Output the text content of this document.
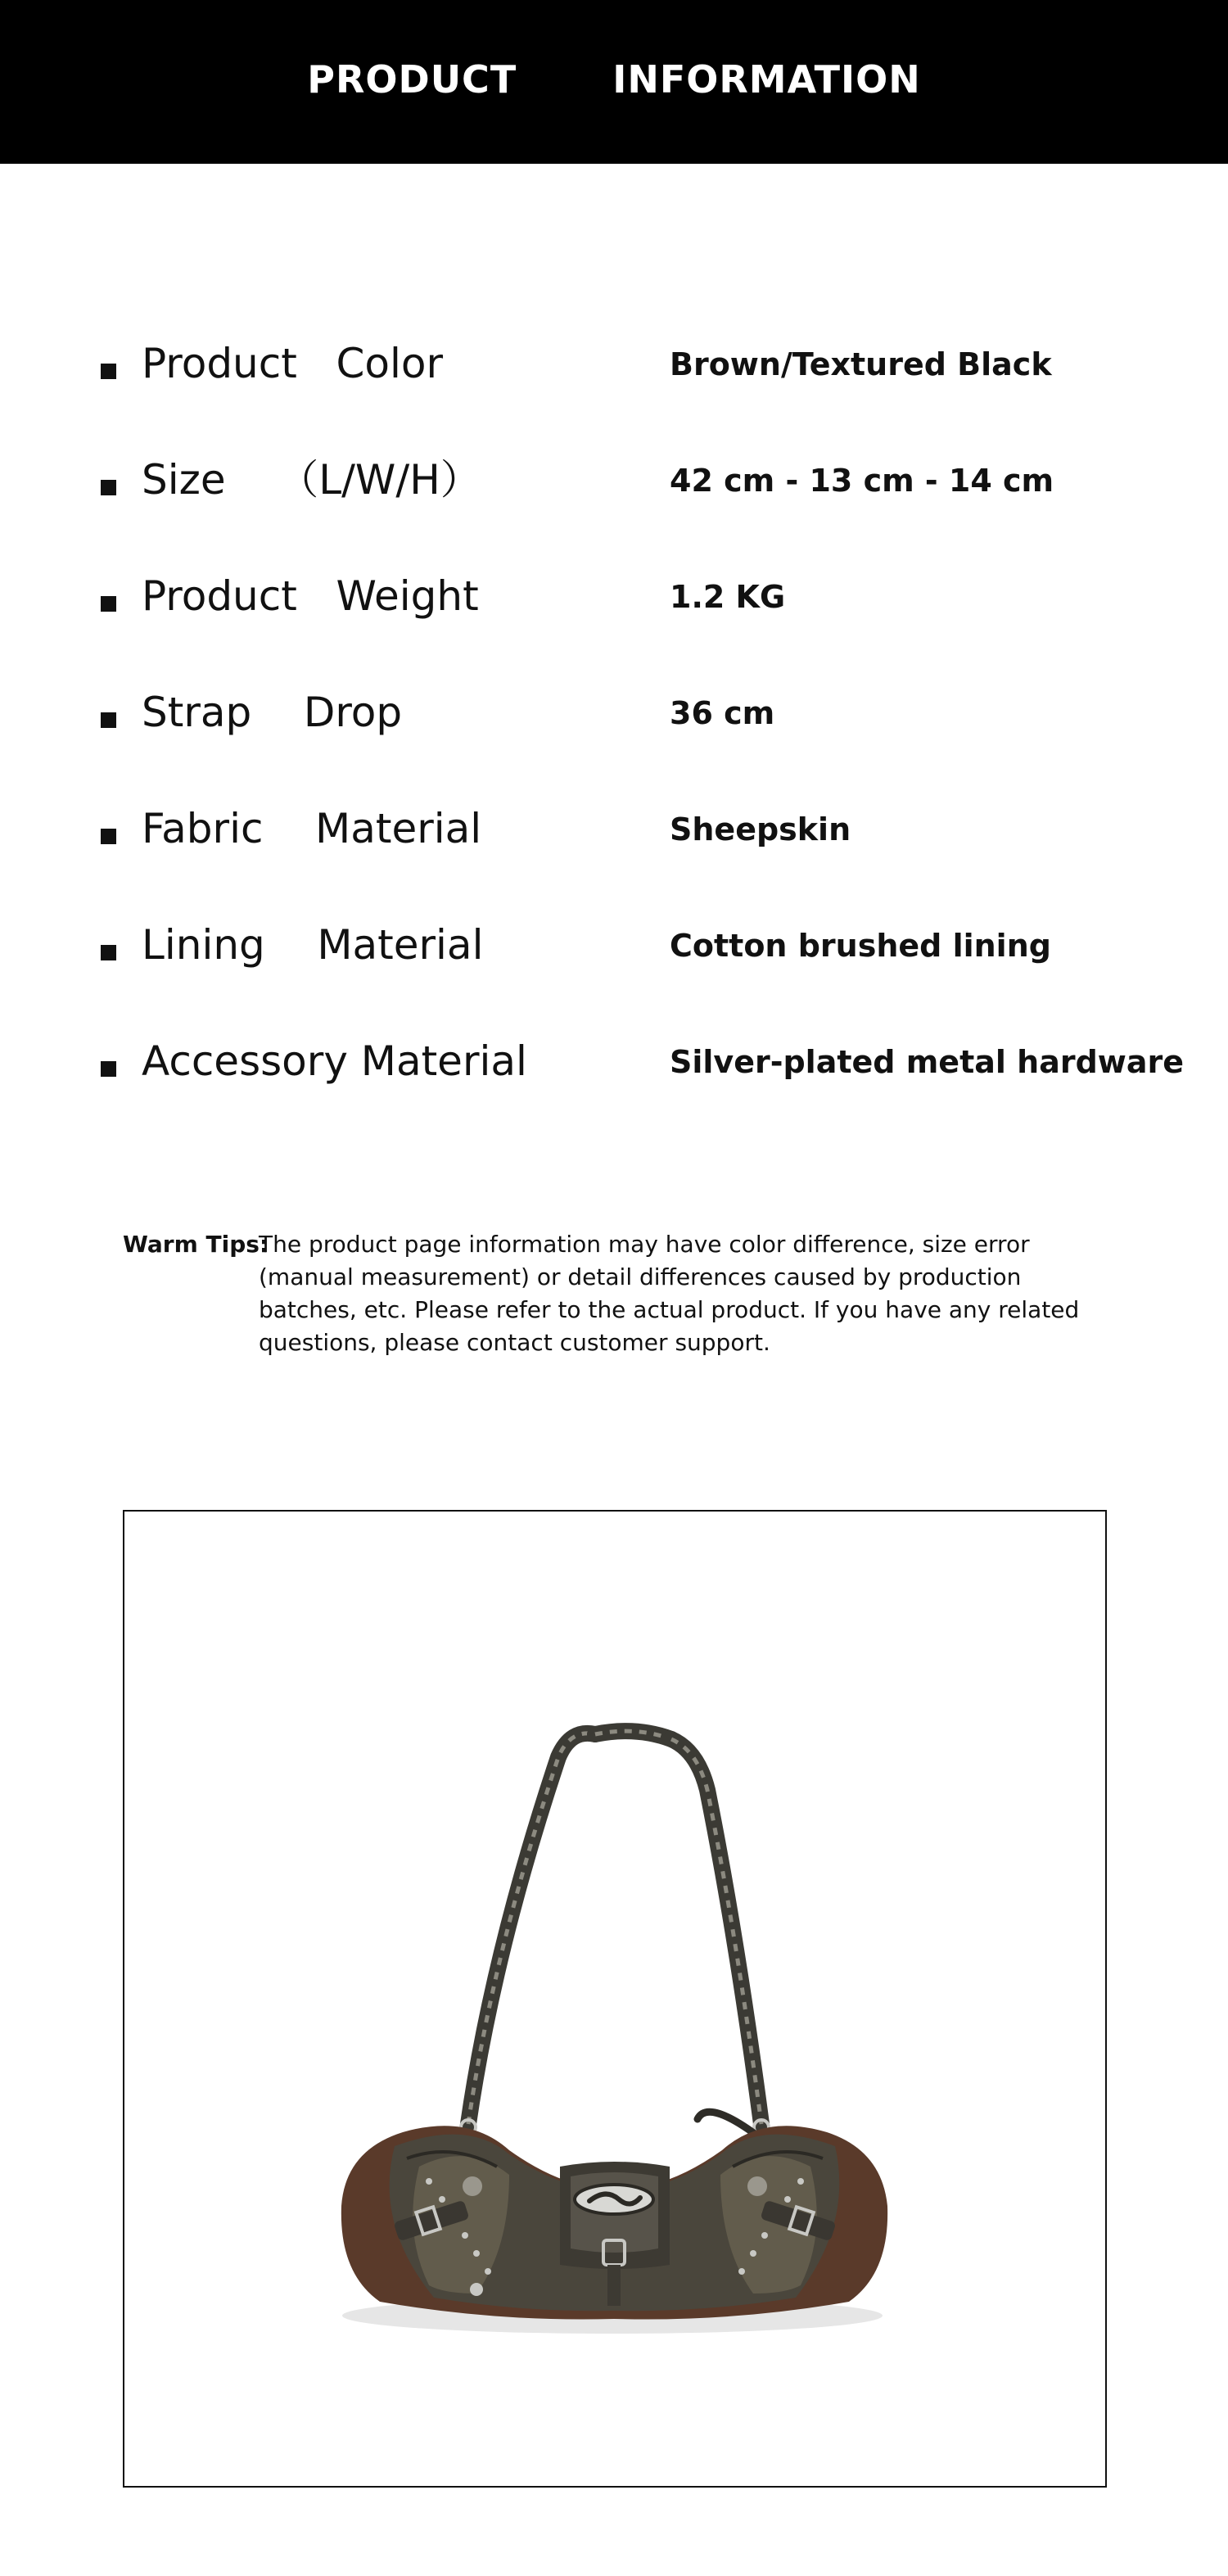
PRODUCT   INFORMATION
Product   Color	Brown/Textured Black
Size    （L/W/H）	42 cm - 13 cm - 14 cm
Product   Weight	1.2 KG
Strap    Drop	36 cm
Fabric    Material	Sheepskin
Lining    Material	Cotton brushed lining
Accessory Material	Silver-plated metal hardware
Warm Tips:
The product page information may have color difference, size error (manual measurement) or detail differences caused by production batches, etc. Please refer to the actual product. If you have any related questions, please contact customer support.
